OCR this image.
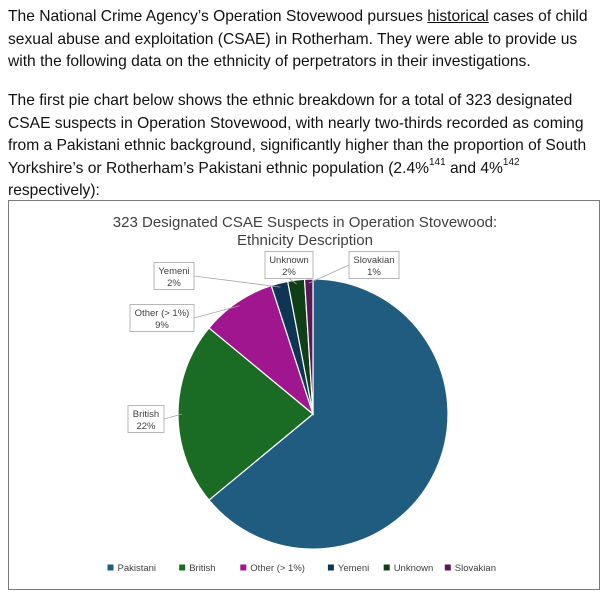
The National Crime Agency’s Operation Stovewood pursues historical cases of child sexual abuse and exploitation (CSAE) in Rotherham. They were able to provide us with the following data on the ethnicity of perpetrators in their investigations.

The first pie chart below shows the ethnic breakdown for a total of 323 designated CSAE suspects in Operation Stovewood, with nearly two-thirds recorded as coming from a Pakistani ethnic background, significantly higher than the proportion of South Yorkshire’s or Rotherham’s Pakistani ethnic population (2.4%$^{141}$ and 4%$^{142}$ respectively):

323 Designated CSAE Suspects in Operation Stovewood:
Ethnicity Description
British
22%
Other (> 1%)
9%
Yemeni
2%
Unknown
2%
Slovakian
1%
Pakistani	British	Other (> 1%)	Yemeni	Unknown Slovakian
